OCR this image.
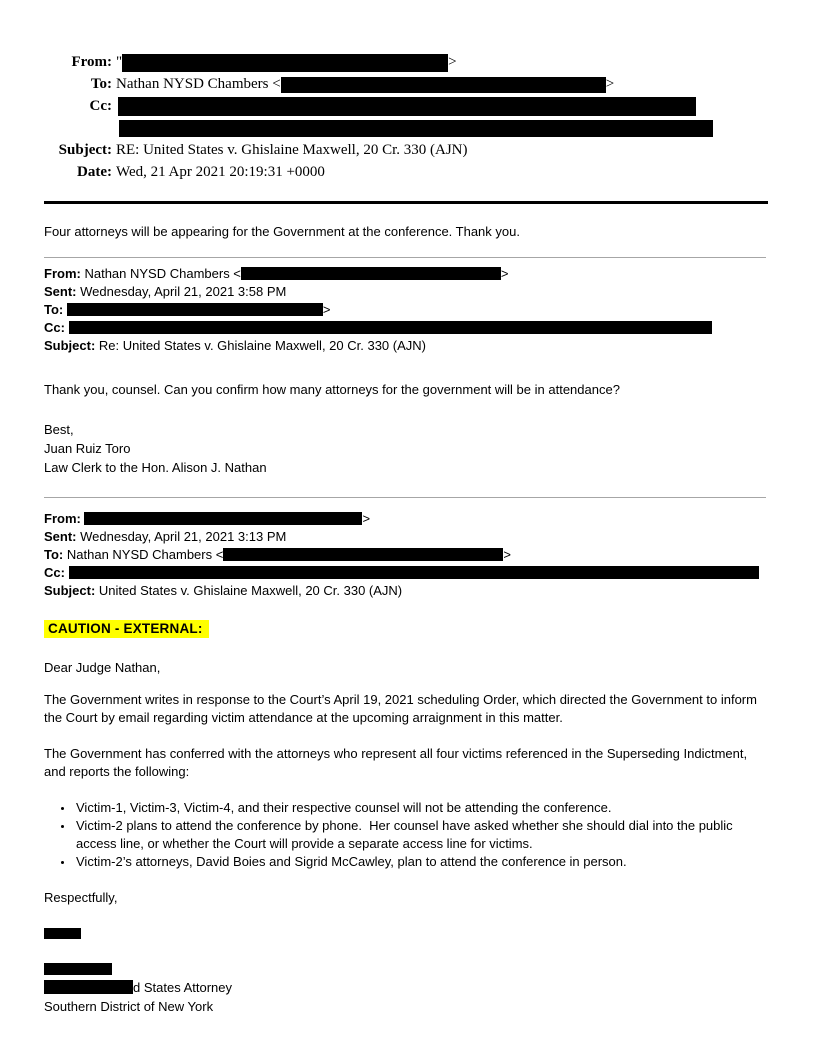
From: "	>
To: Nathan NYSD Chambers <	>
Cc:
Subject: RE: United States v. Ghislaine Maxwell, 20 Cr. 330 (AJN)
Date: Wed, 21 Apr 2021 20:19:31 +0000

Four attorneys will be appearing for the Government at the conference. Thank you.

From: Nathan NYSD Chambers <	>
Sent: Wednesday, April 21, 2021 3:58 PM
To:	>
Cc:
Subject: Re: United States v. Ghislaine Maxwell, 20 Cr. 330 (AJN)

Thank you, counsel. Can you confirm how many attorneys for the government will be in attendance?

Best,
Juan Ruiz Toro
Law Clerk to the Hon. Alison J. Nathan
From:	>
Sent: Wednesday, April 21, 2021 3:13 PM
To: Nathan NYSD Chambers <	>
Cc:
Subject: United States v. Ghislaine Maxwell, 20 Cr. 330 (AJN)
CAUTION - EXTERNAL:

Dear Judge Nathan,

The Government writes in response to the Court’s April 19, 2021 scheduling Order, which directed the Government to inform the Court by email regarding victim attendance at the upcoming arraignment in this matter.

The Government has conferred with the attorneys who represent all four victims referenced in the Superseding Indictment, and reports the following:

• Victim-1, Victim-3, Victim-4, and their respective counsel will not be attending the conference.
• Victim-2 plans to attend the conference by phone.  Her counsel have asked whether she should dial into the public access line, or whether the Court will provide a separate access line for victims.
• Victim-2’s attorneys, David Boies and Sigrid McCawley, plan to attend the conference in person.

Respectfully,

d States Attorney

Southern District of New York
